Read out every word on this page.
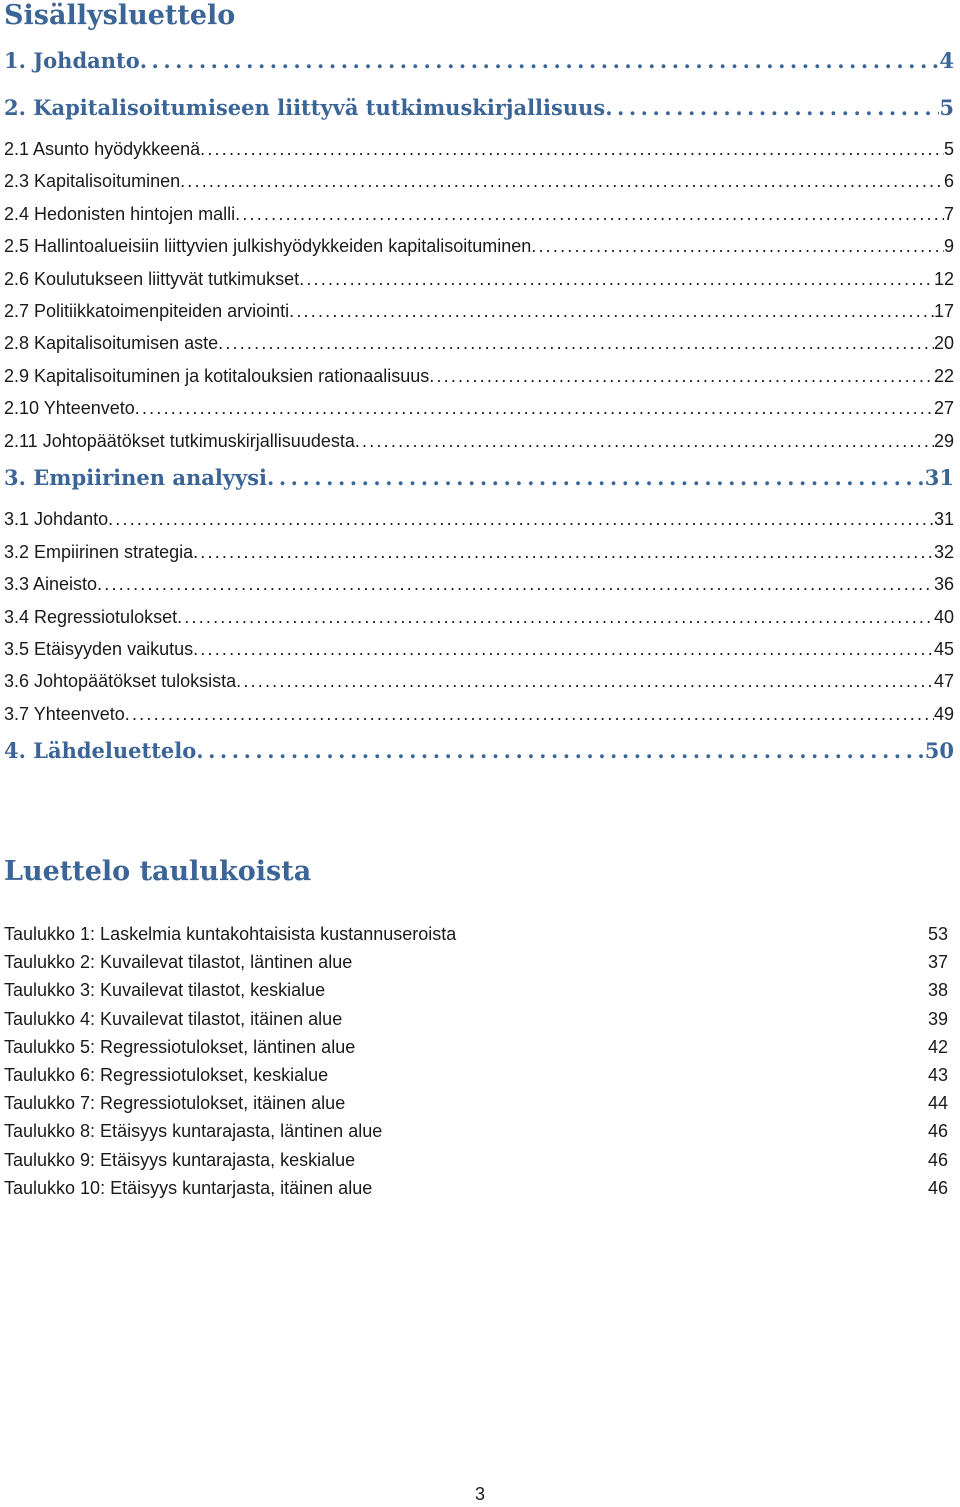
Sisällysluettelo
1. Johdanto . . .	4
2. Kapitalisoitumiseen liittyvä tutkimuskirjallisuus . . .	5
2.1 Asunto hyödykkeenä . . .	5
2.3 Kapitalisoituminen . . .	6
2.4 Hedonisten hintojen malli . . .	7
2.5 Hallintoalueisiin liittyvien julkishyödykkeiden kapitalisoituminen . . .	9
2.6 Koulutukseen liittyvät tutkimukset . . .	12
2.7 Politiikkatoimenpiteiden arviointi . . .	17
2.8 Kapitalisoitumisen aste . . .	20
2.9 Kapitalisoituminen ja kotitalouksien rationaalisuus . . .	22
2.10 Yhteenveto . . .	27
2.11 Johtopäätökset tutkimuskirjallisuudesta . . .	29
3. Empiirinen analyysi . . .	31
3.1 Johdanto . . .	31
3.2 Empiirinen strategia . . .	32
3.3 Aineisto . . .	36
3.4 Regressiotulokset . . .	40
3.5 Etäisyyden vaikutus . . .	45
3.6 Johtopäätökset tuloksista . . .	47
3.7 Yhteenveto . . .	49
4. Lähdeluettelo . . .	50
Luettelo taulukoista
Taulukko 1: Laskelmia kuntakohtaisista kustannuseroista	53
Taulukko 2: Kuvailevat tilastot, läntinen alue	37
Taulukko 3: Kuvailevat tilastot, keskialue	38
Taulukko 4: Kuvailevat tilastot, itäinen alue	39
Taulukko 5: Regressiotulokset, läntinen alue	42
Taulukko 6: Regressiotulokset, keskialue	43
Taulukko 7: Regressiotulokset, itäinen alue	44
Taulukko 8: Etäisyys kuntarajasta, läntinen alue	46
Taulukko 9: Etäisyys kuntarajasta, keskialue	46
Taulukko 10: Etäisyys kuntarjasta, itäinen alue	46
3
